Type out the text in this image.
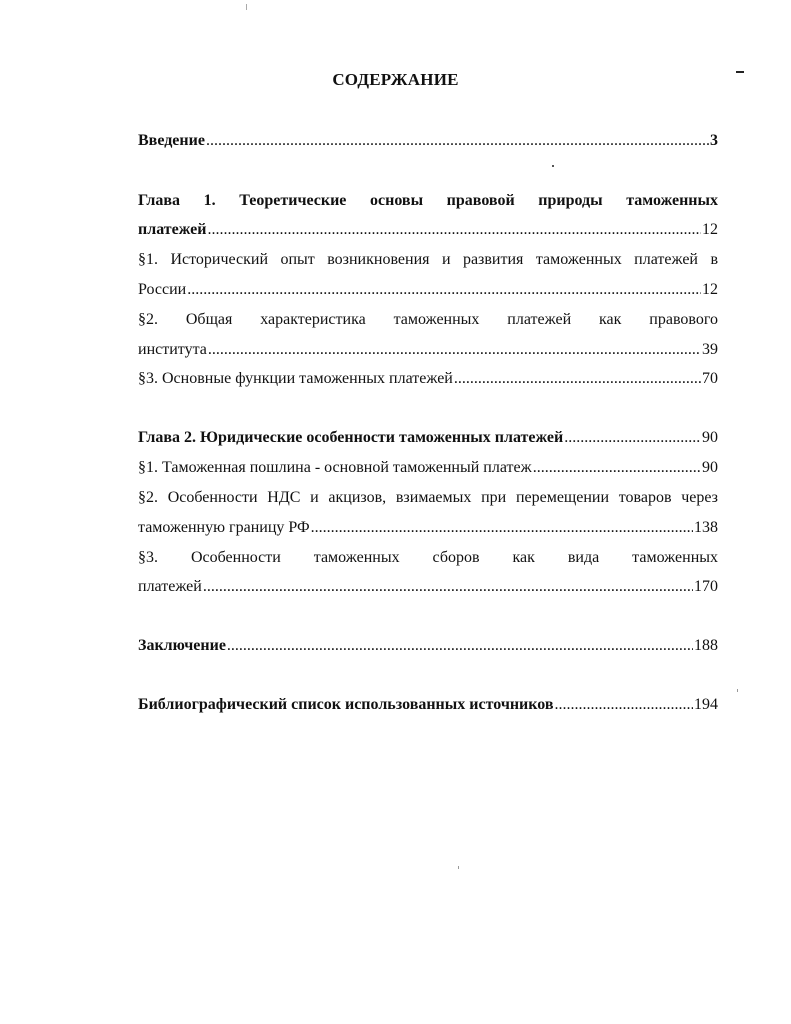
СОДЕРЖАНИЕ
Введение .....	3
Глава 1. Теоретические основы правовой природы таможенных
платежей .....	12
§1. Исторический опыт возникновения и развития таможенных платежей в
России .....	12
§2. Общая характеристика таможенных платежей как правового
института .....	39
§3. Основные функции таможенных платежей .....	70
Глава 2. Юридические особенности таможенных платежей .....	90
§1. Таможенная пошлина - основной таможенный платеж .....	90
§2. Особенности НДС и акцизов, взимаемых при перемещении товаров через
таможенную границу РФ .....	138
§3. Особенности таможенных сборов как вида таможенных
платежей .....	170
Заключение .....	188
Библиографический список использованных источников .....	194
